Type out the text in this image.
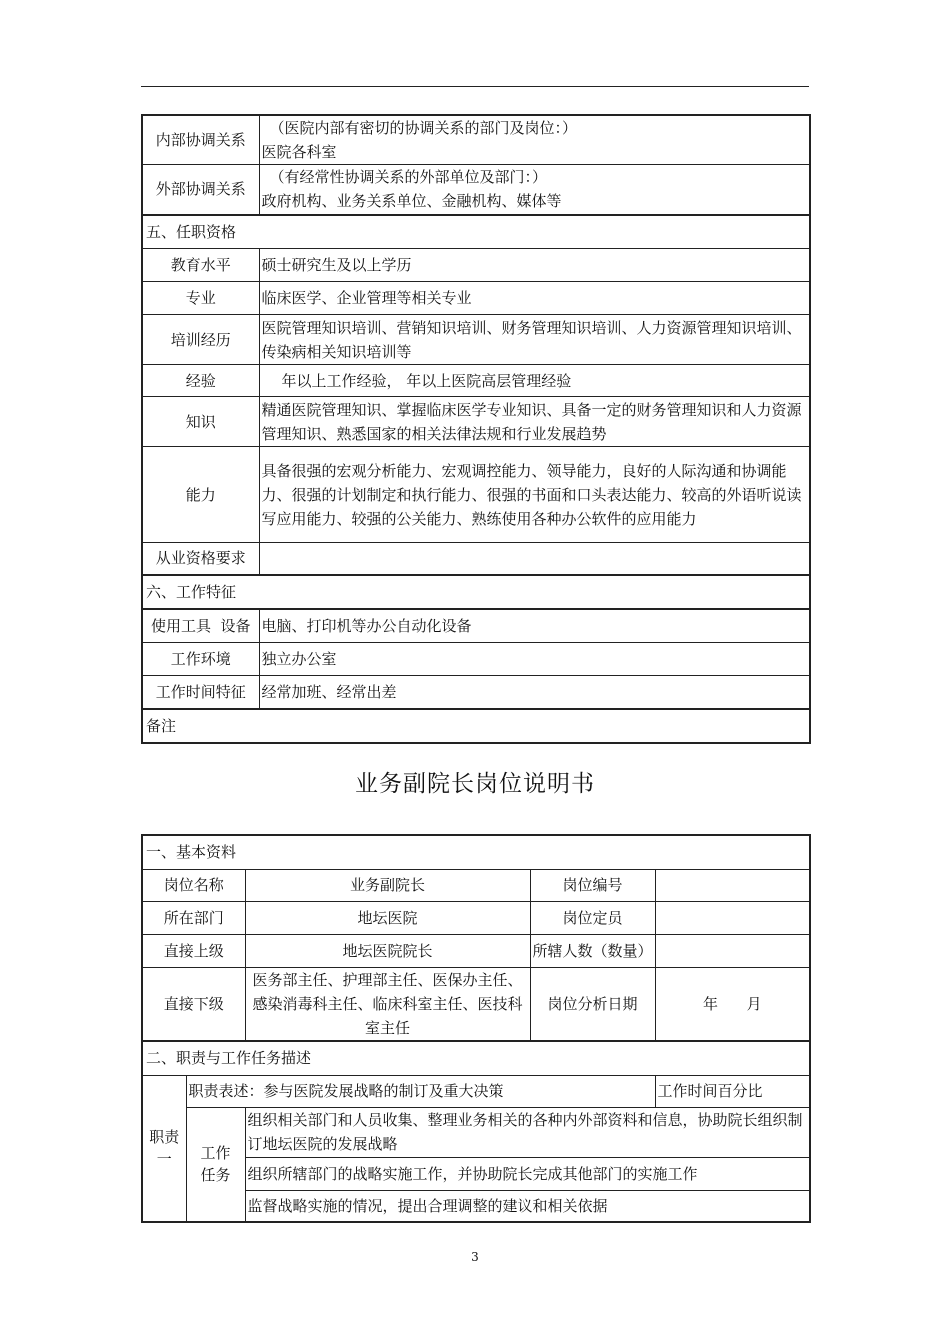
内部协调关系	（医院内部有密切的协调关系的部门及岗位：）
医院各科室

外部协调关系	（有经常性协调关系的外部单位及部门：）
政府机构、业务关系单位、金融机构、媒体等

五、任职资格	
教育水平	硕士研究生及以上学历
专业	临床医学、企业管理等相关专业
培训经历	医院管理知识培训、营销知识培训、财务管理知识培训、人力资源管理知识培训、传染病相关知识培训等
经验	年以上工作经验， 年以上医院高层管理经验
知识	精通医院管理知识、掌握临床医学专业知识、具备一定的财务管理知识和人力资源管理知识、熟悉国家的相关法律法规和行业发展趋势
能力	具备很强的宏观分析能力、宏观调控能力、领导能力，良好的人际沟通和协调能力、很强的计划制定和执行能力、很强的书面和口头表达能力、较高的外语听说读写应用能力、较强的公关能力、熟练使用各种办公软件的应用能力
从业资格要求	
六、工作特征	
使用工具  设备	电脑、打印机等办公自动化设备
工作环境	独立办公室
工作时间特征	经常加班、经常出差
备注	
业务副院长岗位说明书
一、基本资料				
岗位名称		业务副院长	岗位编号	
所在部门		地坛医院	岗位定员	
直接上级		地坛医院院长	所辖人数（数量）	
直接下级		医务部主任、护理部主任、医保办主任、感染消毒科主任、临床科室主任、医技科室主任	岗位分析日期	年      月
二、职责与工作任务描述				
职责一	职责表述：参与医院发展战略的制订及重大决策			工作时间百分比
	工作任务	组织相关部门和人员收集、整理业务相关的各种内外部资料和信息，协助院长组织制订地坛医院的发展战略		
		组织所辖部门的战略实施工作，并协助院长完成其他部门的实施工作		
		监督战略实施的情况，提出合理调整的建议和相关依据		
3
